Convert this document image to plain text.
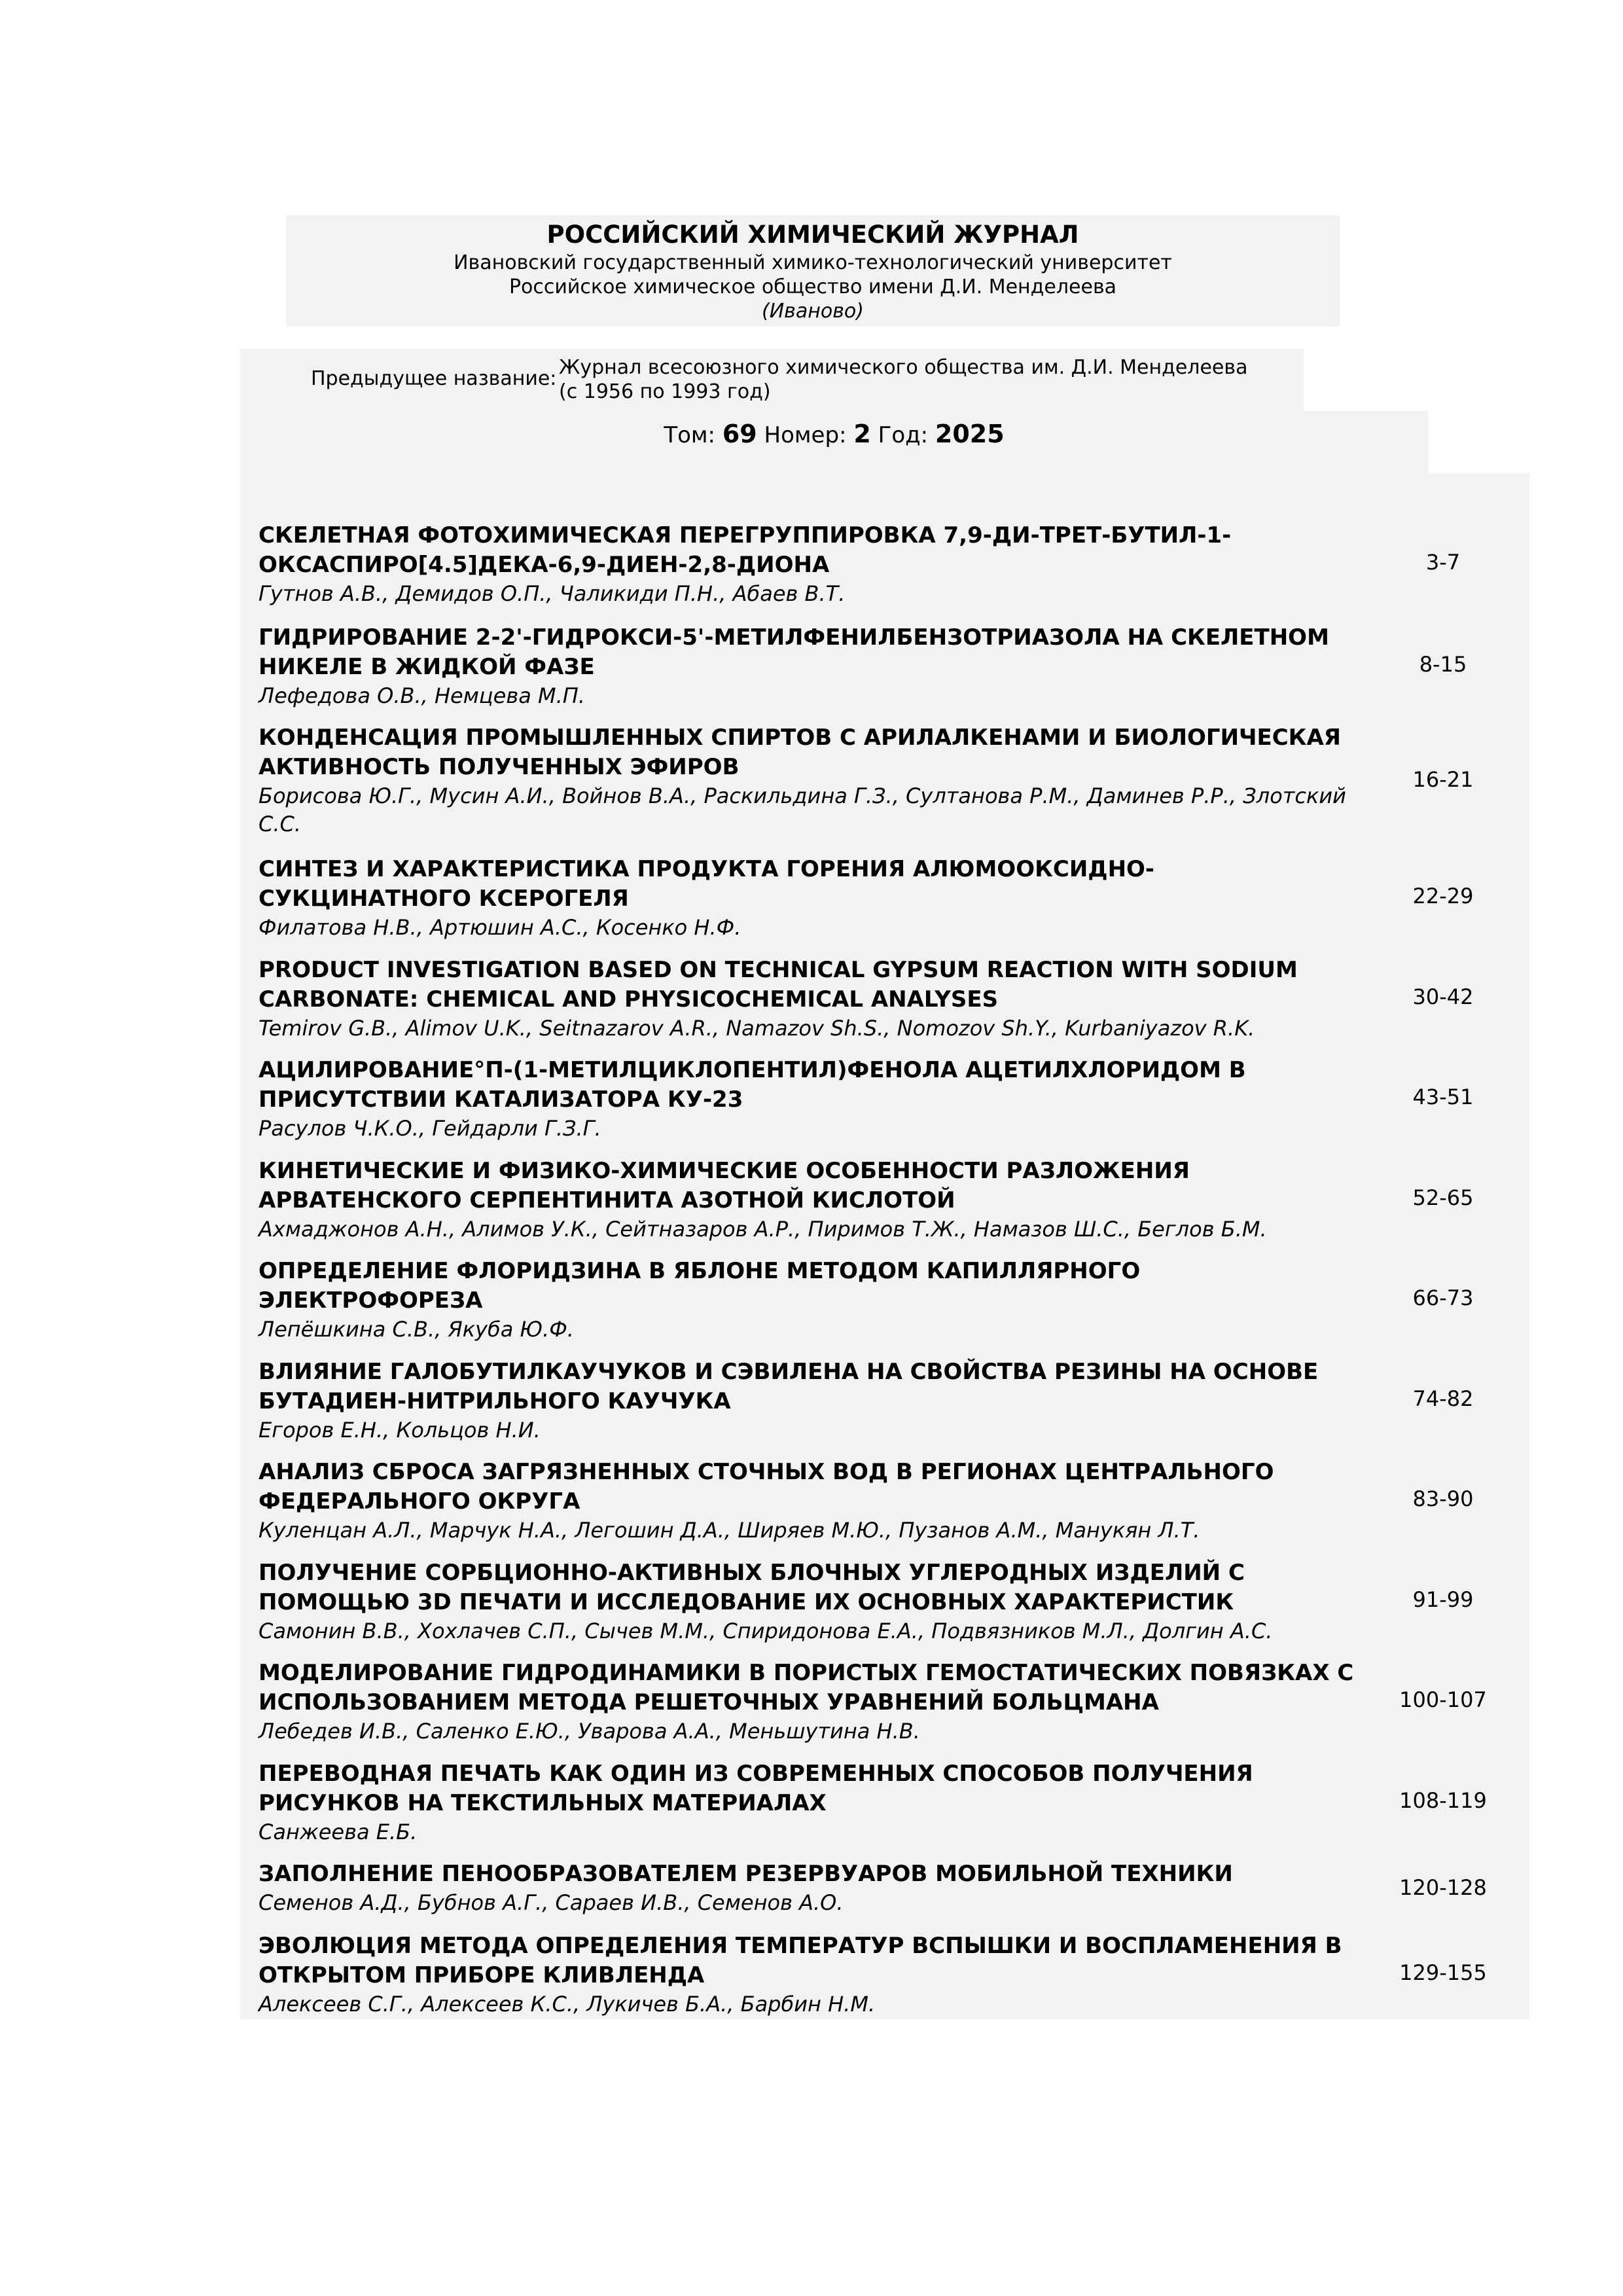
РОССИЙСКИЙ ХИМИЧЕСКИЙ ЖУРНАЛ
Ивановский государственный химико-технологический университет
Российское химическое общество имени Д.И. Менделеева
(Иваново)
Предыдущее название: Журнал всесоюзного химического общества им. Д.И. Менделеева (с 1956 по 1993 год)
Том: 69 Номер: 2 Год: 2025
СКЕЛЕТНАЯ ФОТОХИМИЧЕСКАЯ ПЕРЕГРУППИРОВКА 7,9-ДИ-ТРЕТ-БУТИЛ-1-ОКСАСПИРО[4.5]ДЕКА-6,9-ДИЕН-2,8-ДИОНА
Гутнов А.В., Демидов О.П., Чаликиди П.Н., Абаев В.Т.
3-7
ГИДРИРОВАНИЕ 2-2'-ГИДРОКСИ-5'-МЕТИЛФЕНИЛБЕНЗОТРИАЗОЛА НА СКЕЛЕТНОМ НИКЕЛЕ В ЖИДКОЙ ФАЗЕ
Лефедова О.В., Немцева М.П.
8-15
КОНДЕНСАЦИЯ ПРОМЫШЛЕННЫХ СПИРТОВ С АРИЛАЛКЕНАМИ И БИОЛОГИЧЕСКАЯ АКТИВНОСТЬ ПОЛУЧЕННЫХ ЭФИРОВ
Борисова Ю.Г., Мусин А.И., Войнов В.А., Раскильдина Г.З., Султанова Р.М., Даминев Р.Р., Злотский С.С.
16-21
СИНТЕЗ И ХАРАКТЕРИСТИКА ПРОДУКТА ГОРЕНИЯ АЛЮМООКСИДНО-СУКЦИНАТНОГО КСЕРОГЕЛЯ
Филатова Н.В., Артюшин А.С., Косенко Н.Ф.
22-29
PRODUCT INVESTIGATION BASED ON TECHNICAL GYPSUM REACTION WITH SODIUM CARBONATE: CHEMICAL AND PHYSICOCHEMICAL ANALYSES
Temirov G.B., Alimov U.K., Seitnazarov A.R., Namazov Sh.S., Nomozov Sh.Y., Kurbaniyazov R.K.
30-42
АЦИЛИРОВАНИЕ°П-(1-МЕТИЛЦИКЛОПЕНТИЛ)ФЕНОЛА АЦЕТИЛХЛОРИДОМ В ПРИСУТСТВИИ КАТАЛИЗАТОРА КУ-23
Расулов Ч.К.О., Гейдарли Г.З.Г.
43-51
КИНЕТИЧЕСКИЕ И ФИЗИКО-ХИМИЧЕСКИЕ ОСОБЕННОСТИ РАЗЛОЖЕНИЯ АРВАТЕНСКОГО СЕРПЕНТИНИТА АЗОТНОЙ КИСЛОТОЙ
Ахмаджонов А.Н., Алимов У.К., Сейтназаров А.Р., Пиримов Т.Ж., Намазов Ш.С., Беглов Б.М.
52-65
ОПРЕДЕЛЕНИЕ ФЛОРИДЗИНА В ЯБЛОНЕ МЕТОДОМ КАПИЛЛЯРНОГО ЭЛЕКТРОФОРЕЗА
Лепёшкина С.В., Якуба Ю.Ф.
66-73
ВЛИЯНИЕ ГАЛОБУТИЛКАУЧУКОВ И СЭВИЛЕНА НА СВОЙСТВА РЕЗИНЫ НА ОСНОВЕ БУТАДИЕН-НИТРИЛЬНОГО КАУЧУКА
Егоров Е.Н., Кольцов Н.И.
74-82
АНАЛИЗ СБРОСА ЗАГРЯЗНЕННЫХ СТОЧНЫХ ВОД В РЕГИОНАХ ЦЕНТРАЛЬНОГО ФЕДЕРАЛЬНОГО ОКРУГА
Куленцан А.Л., Марчук Н.А., Легошин Д.А., Ширяев М.Ю., Пузанов А.М., Манукян Л.Т.
83-90
ПОЛУЧЕНИЕ СОРБЦИОННО-АКТИВНЫХ БЛОЧНЫХ УГЛЕРОДНЫХ ИЗДЕЛИЙ С ПОМОЩЬЮ 3D ПЕЧАТИ И ИССЛЕДОВАНИЕ ИХ ОСНОВНЫХ ХАРАКТЕРИСТИК
Самонин В.В., Хохлачев С.П., Сычев М.М., Спиридонова Е.А., Подвязников М.Л., Долгин А.С.
91-99
МОДЕЛИРОВАНИЕ ГИДРОДИНАМИКИ В ПОРИСТЫХ ГЕМОСТАТИЧЕСКИХ ПОВЯЗКАХ С ИСПОЛЬЗОВАНИЕМ МЕТОДА РЕШЕТОЧНЫХ УРАВНЕНИЙ БОЛЬЦМАНА
Лебедев И.В., Саленко Е.Ю., Уварова А.А., Меньшутина Н.В.
100-107
ПЕРЕВОДНАЯ ПЕЧАТЬ КАК ОДИН ИЗ СОВРЕМЕННЫХ СПОСОБОВ ПОЛУЧЕНИЯ РИСУНКОВ НА ТЕКСТИЛЬНЫХ МАТЕРИАЛАХ
Санжеева Е.Б.
108-119
ЗАПОЛНЕНИЕ ПЕНООБРАЗОВАТЕЛЕМ РЕЗЕРВУАРОВ МОБИЛЬНОЙ ТЕХНИКИ
Семенов А.Д., Бубнов А.Г., Сараев И.В., Семенов А.О.
120-128
ЭВОЛЮЦИЯ МЕТОДА ОПРЕДЕЛЕНИЯ ТЕМПЕРАТУР ВСПЫШКИ И ВОСПЛАМЕНЕНИЯ В ОТКРЫТОМ ПРИБОРЕ КЛИВЛЕНДА
Алексеев С.Г., Алексеев К.С., Лукичев Б.А., Барбин Н.М.
129-155
